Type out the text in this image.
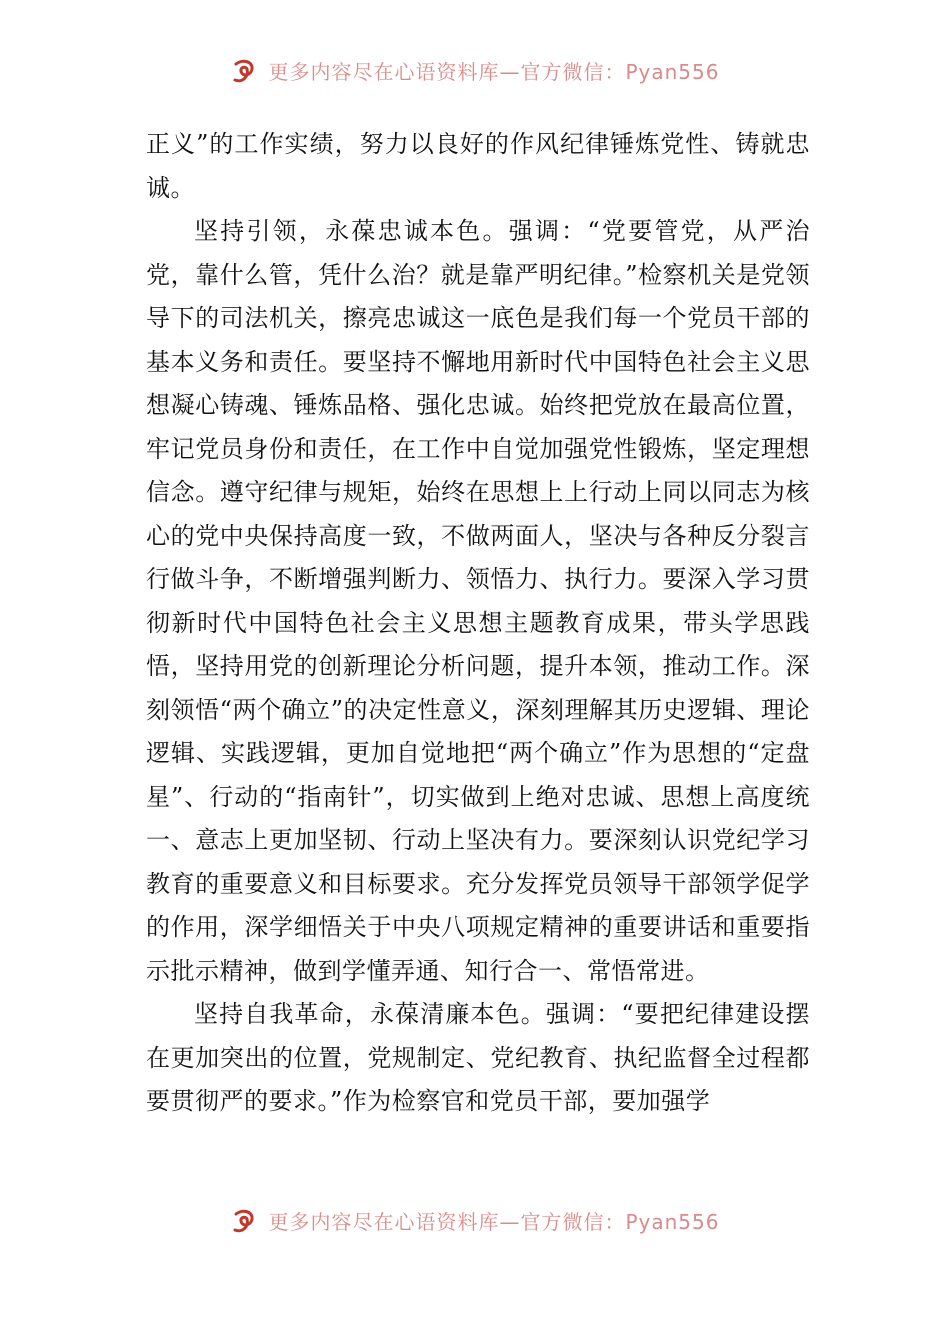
更多内容尽在心语资料库—官方微信：Pyan556

正义”的工作实绩，努力以良好的作风纪律锤炼党性、铸就忠诚。

坚持引领，永葆忠诚本色。强调：“党要管党，从严治党，靠什么管，凭什么治？就是靠严明纪律。”检察机关是党领导下的司法机关，擦亮忠诚这一底色是我们每一个党员干部的基本义务和责任。要坚持不懈地用新时代中国特色社会主义思想凝心铸魂、锤炼品格、强化忠诚。始终把党放在最高位置，牢记党员身份和责任，在工作中自觉加强党性锻炼，坚定理想信念。遵守纪律与规矩，始终在思想上上行动上同以同志为核心的党中央保持高度一致，不做两面人，坚决与各种反分裂言行做斗争，不断增强判断力、领悟力、执行力。要深入学习贯彻新时代中国特色社会主义思想主题教育成果，带头学思践悟，坚持用党的创新理论分析问题，提升本领，推动工作。深刻领悟“两个确立”的决定性意义，深刻理解其历史逻辑、理论逻辑、实践逻辑，更加自觉地把“两个确立”作为思想的“定盘星”、行动的“指南针”，切实做到上绝对忠诚、思想上高度统一、意志上更加坚韧、行动上坚决有力。要深刻认识党纪学习教育的重要意义和目标要求。充分发挥党员领导干部领学促学的作用，深学细悟关于中央八项规定精神的重要讲话和重要指示批示精神，做到学懂弄通、知行合一、常悟常进。

坚持自我革命，永葆清廉本色。强调：“要把纪律建设摆在更加突出的位置，党规制定、党纪教育、执纪监督全过程都要贯彻严的要求。”作为检察官和党员干部，要加强学

更多内容尽在心语资料库—官方微信：Pyan556
